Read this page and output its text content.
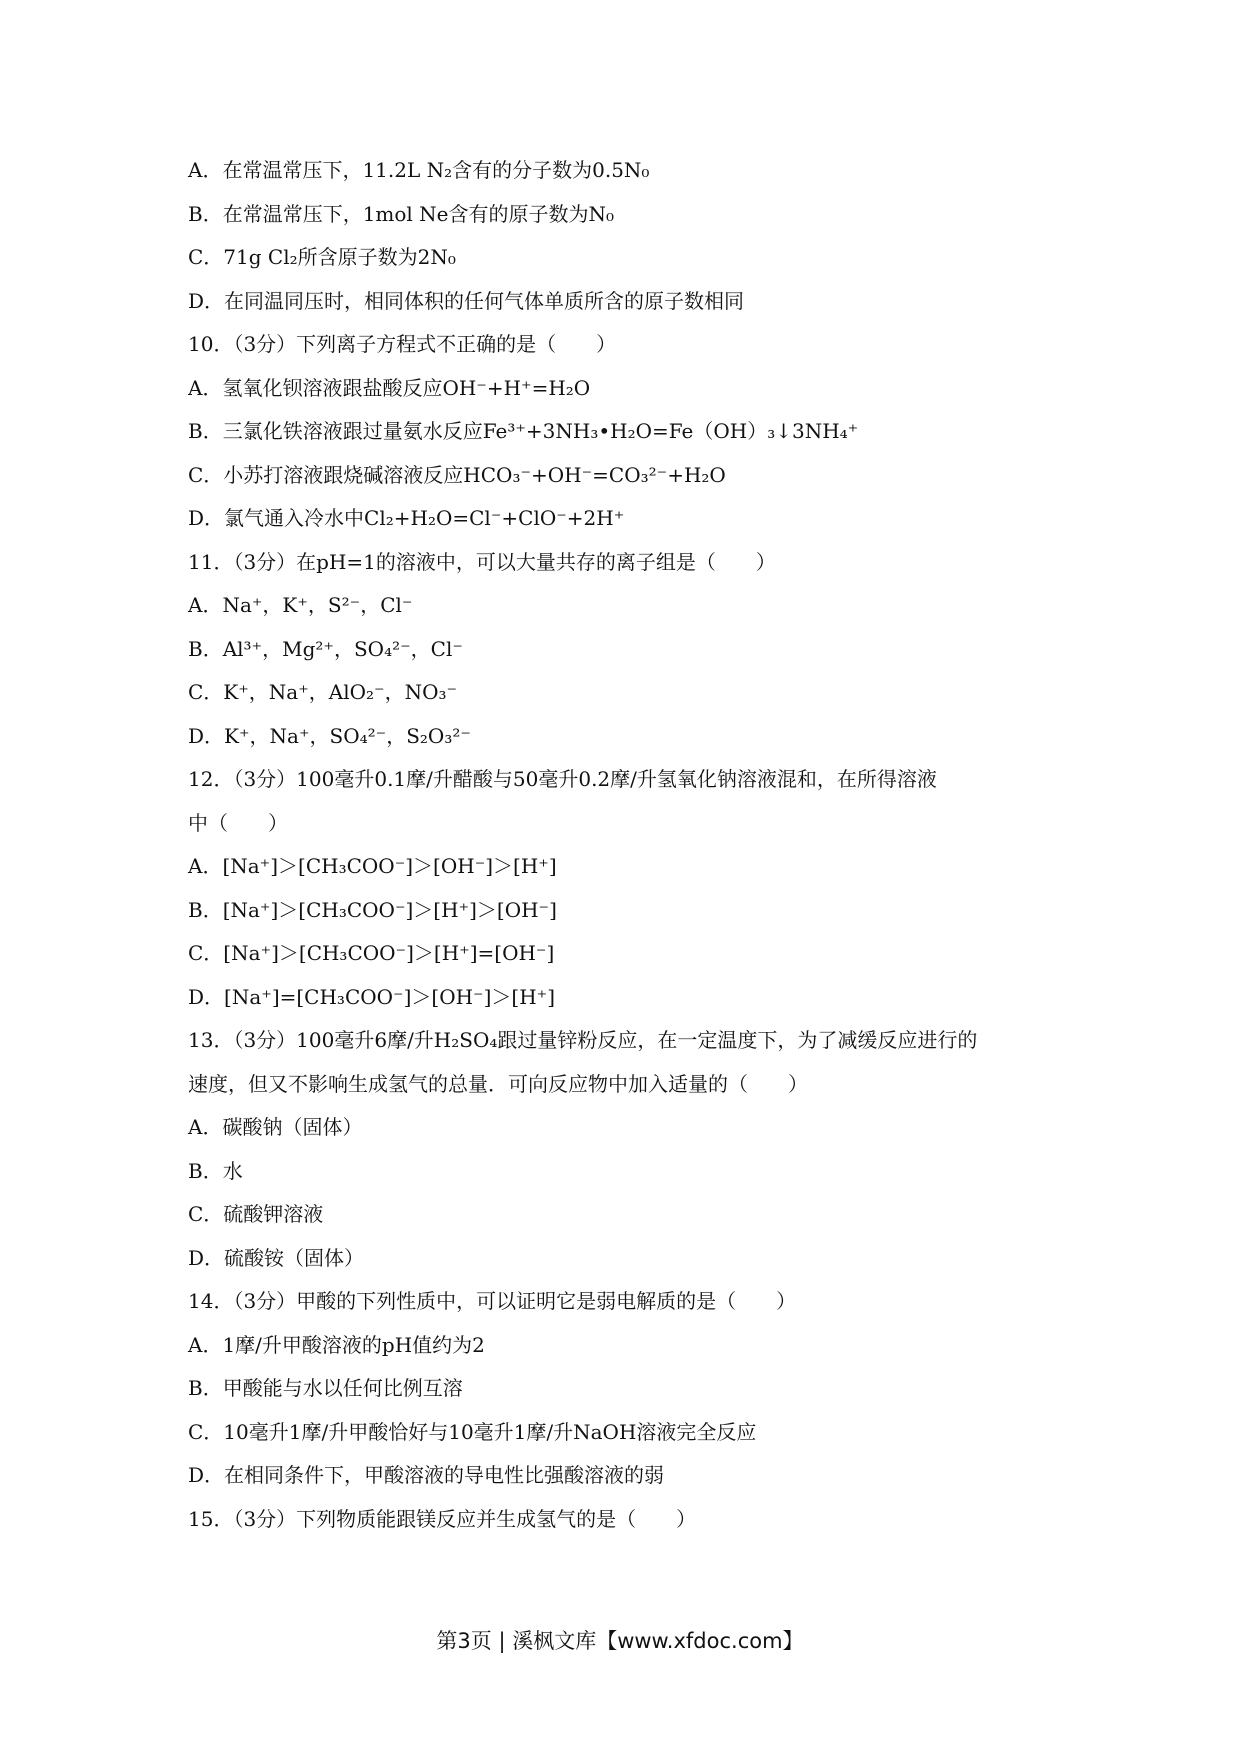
A．在常温常压下，11.2L N₂含有的分子数为0.5N₀
B．在常温常压下，1mol Ne含有的原子数为N₀
C．71g Cl₂所含原子数为2N₀
D．在同温同压时，相同体积的任何气体单质所含的原子数相同
10．（3分）下列离子方程式不正确的是（　　）
A．氢氧化钡溶液跟盐酸反应OH⁻+H⁺=H₂O
B．三氯化铁溶液跟过量氨水反应Fe³⁺+3NH₃•H₂O=Fe（OH）₃↓3NH₄⁺
C．小苏打溶液跟烧碱溶液反应HCO₃⁻+OH⁻=CO₃²⁻+H₂O
D．氯气通入冷水中Cl₂+H₂O=Cl⁻+ClO⁻+2H⁺
11．（3分）在pH=1的溶液中，可以大量共存的离子组是（　　）
A．Na⁺，K⁺，S²⁻，Cl⁻
B．Al³⁺，Mg²⁺，SO₄²⁻，Cl⁻
C．K⁺，Na⁺，AlO₂⁻，NO₃⁻
D．K⁺，Na⁺，SO₄²⁻，S₂O₃²⁻
12．（3分）100毫升0.1摩/升醋酸与50毫升0.2摩/升氢氧化钠溶液混和，在所得溶液
中（　　）
A．[Na⁺]＞[CH₃COO⁻]＞[OH⁻]＞[H⁺]
B．[Na⁺]＞[CH₃COO⁻]＞[H⁺]＞[OH⁻]
C．[Na⁺]＞[CH₃COO⁻]＞[H⁺]=[OH⁻]
D．[Na⁺]=[CH₃COO⁻]＞[OH⁻]＞[H⁺]
13．（3分）100毫升6摩/升H₂SO₄跟过量锌粉反应，在一定温度下，为了减缓反应进行的
速度，但又不影响生成氢气的总量．可向反应物中加入适量的（　　）
A．碳酸钠（固体）
B．水
C．硫酸钾溶液
D．硫酸铵（固体）
14．（3分）甲酸的下列性质中，可以证明它是弱电解质的是（　　）
A．1摩/升甲酸溶液的pH值约为2
B．甲酸能与水以任何比例互溶
C．10毫升1摩/升甲酸恰好与10毫升1摩/升NaOH溶液完全反应
D．在相同条件下，甲酸溶液的导电性比强酸溶液的弱
15．（3分）下列物质能跟镁反应并生成氢气的是（　　）
第3页 | 溪枫文库【www.xfdoc.com】
